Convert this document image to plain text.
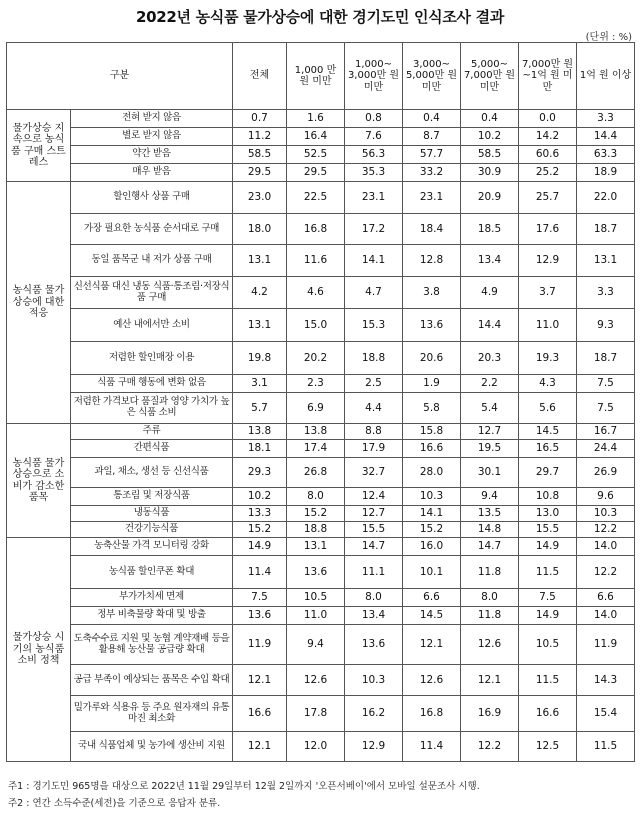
2022년 농식품 물가상승에 대한 경기도민 인식조사 결과
(단위 : %)
구분		전체	1,000 만 원 미만	1,000~ 3,000만 원 미만	3,000~ 5,000만 원 미만	5,000~ 7,000만 원 미만	7,000만 원~1억 원 미만	1억 원 이상
물가상승 지속으로 농식품 구매 스트레스	전혀 받지 않음	0.7	1.6	0.8	0.4	0.4	0.0	3.3
	별로 받지 않음	11.2	16.4	7.6	8.7	10.2	14.2	14.4
	약간 받음	58.5	52.5	56.3	57.7	58.5	60.6	63.3
	매우 받음	29.5	29.5	35.3	33.2	30.9	25.2	18.9
농식품 물가상승에 대한 적응	할인행사 상품 구매	23.0	22.5	23.1	23.1	20.9	25.7	22.0
	가장 필요한 농식품 순서대로 구매	18.0	16.8	17.2	18.4	18.5	17.6	18.7
	동일 품목군 내 저가 상품 구매	13.1	11.6	14.1	12.8	13.4	12.9	13.1
	신선식품 대신 냉동 식품·통조림·저장식품 구매	4.2	4.6	4.7	3.8	4.9	3.7	3.3
	예산 내에서만 소비	13.1	15.0	15.3	13.6	14.4	11.0	9.3
	저렴한 할인매장 이용	19.8	20.2	18.8	20.6	20.3	19.3	18.7
	식품 구매 행동에 변화 없음	3.1	2.3	2.5	1.9	2.2	4.3	7.5
	저렴한 가격보다 품질과 영양 가치가 높은 식품 소비	5.7	6.9	4.4	5.8	5.4	5.6	7.5
농식품 물가상승으로 소비가 감소한 품목	주류	13.8	13.8	8.8	15.8	12.7	14.5	16.7
	간편식품	18.1	17.4	17.9	16.6	19.5	16.5	24.4
	과일, 채소, 생선 등 신선식품	29.3	26.8	32.7	28.0	30.1	29.7	26.9
	통조림 및 저장식품	10.2	8.0	12.4	10.3	9.4	10.8	9.6
	냉동식품	13.3	15.2	12.7	14.1	13.5	13.0	10.3
	건강기능식품	15.2	18.8	15.5	15.2	14.8	15.5	12.2
물가상승 시기의 농식품 소비 정책	농축산물 가격 모니터링 강화	14.9	13.1	14.7	16.0	14.7	14.9	14.0
	농식품 할인쿠폰 확대	11.4	13.6	11.1	10.1	11.8	11.5	12.2
	부가가치세 면제	7.5	10.5	8.0	6.6	8.0	7.5	6.6
	정부 비축물량 확대 및 방출	13.6	11.0	13.4	14.5	11.8	14.9	14.0
	도축수수료 지원 및 농협 계약재배 등을 활용해 농산물 공급량 확대	11.9	9.4	13.6	12.1	12.6	10.5	11.9
	공급 부족이 예상되는 품목은 수입 확대	12.1	12.6	10.3	12.6	12.1	11.5	14.3
	밀가루와 식용유 등 주요 원자재의 유통마진 최소화	16.6	17.8	16.2	16.8	16.9	16.6	15.4
	국내 식품업체 및 농가에 생산비 지원	12.1	12.0	12.9	11.4	12.2	12.5	11.5
주1 : 경기도민 965명을 대상으로 2022년 11월 29일부터 12월 2일까지 '오픈서베이'에서 모바일 설문조사 시행.
주2 : 연간 소득수준(세전)을 기준으로 응답자 분류.
